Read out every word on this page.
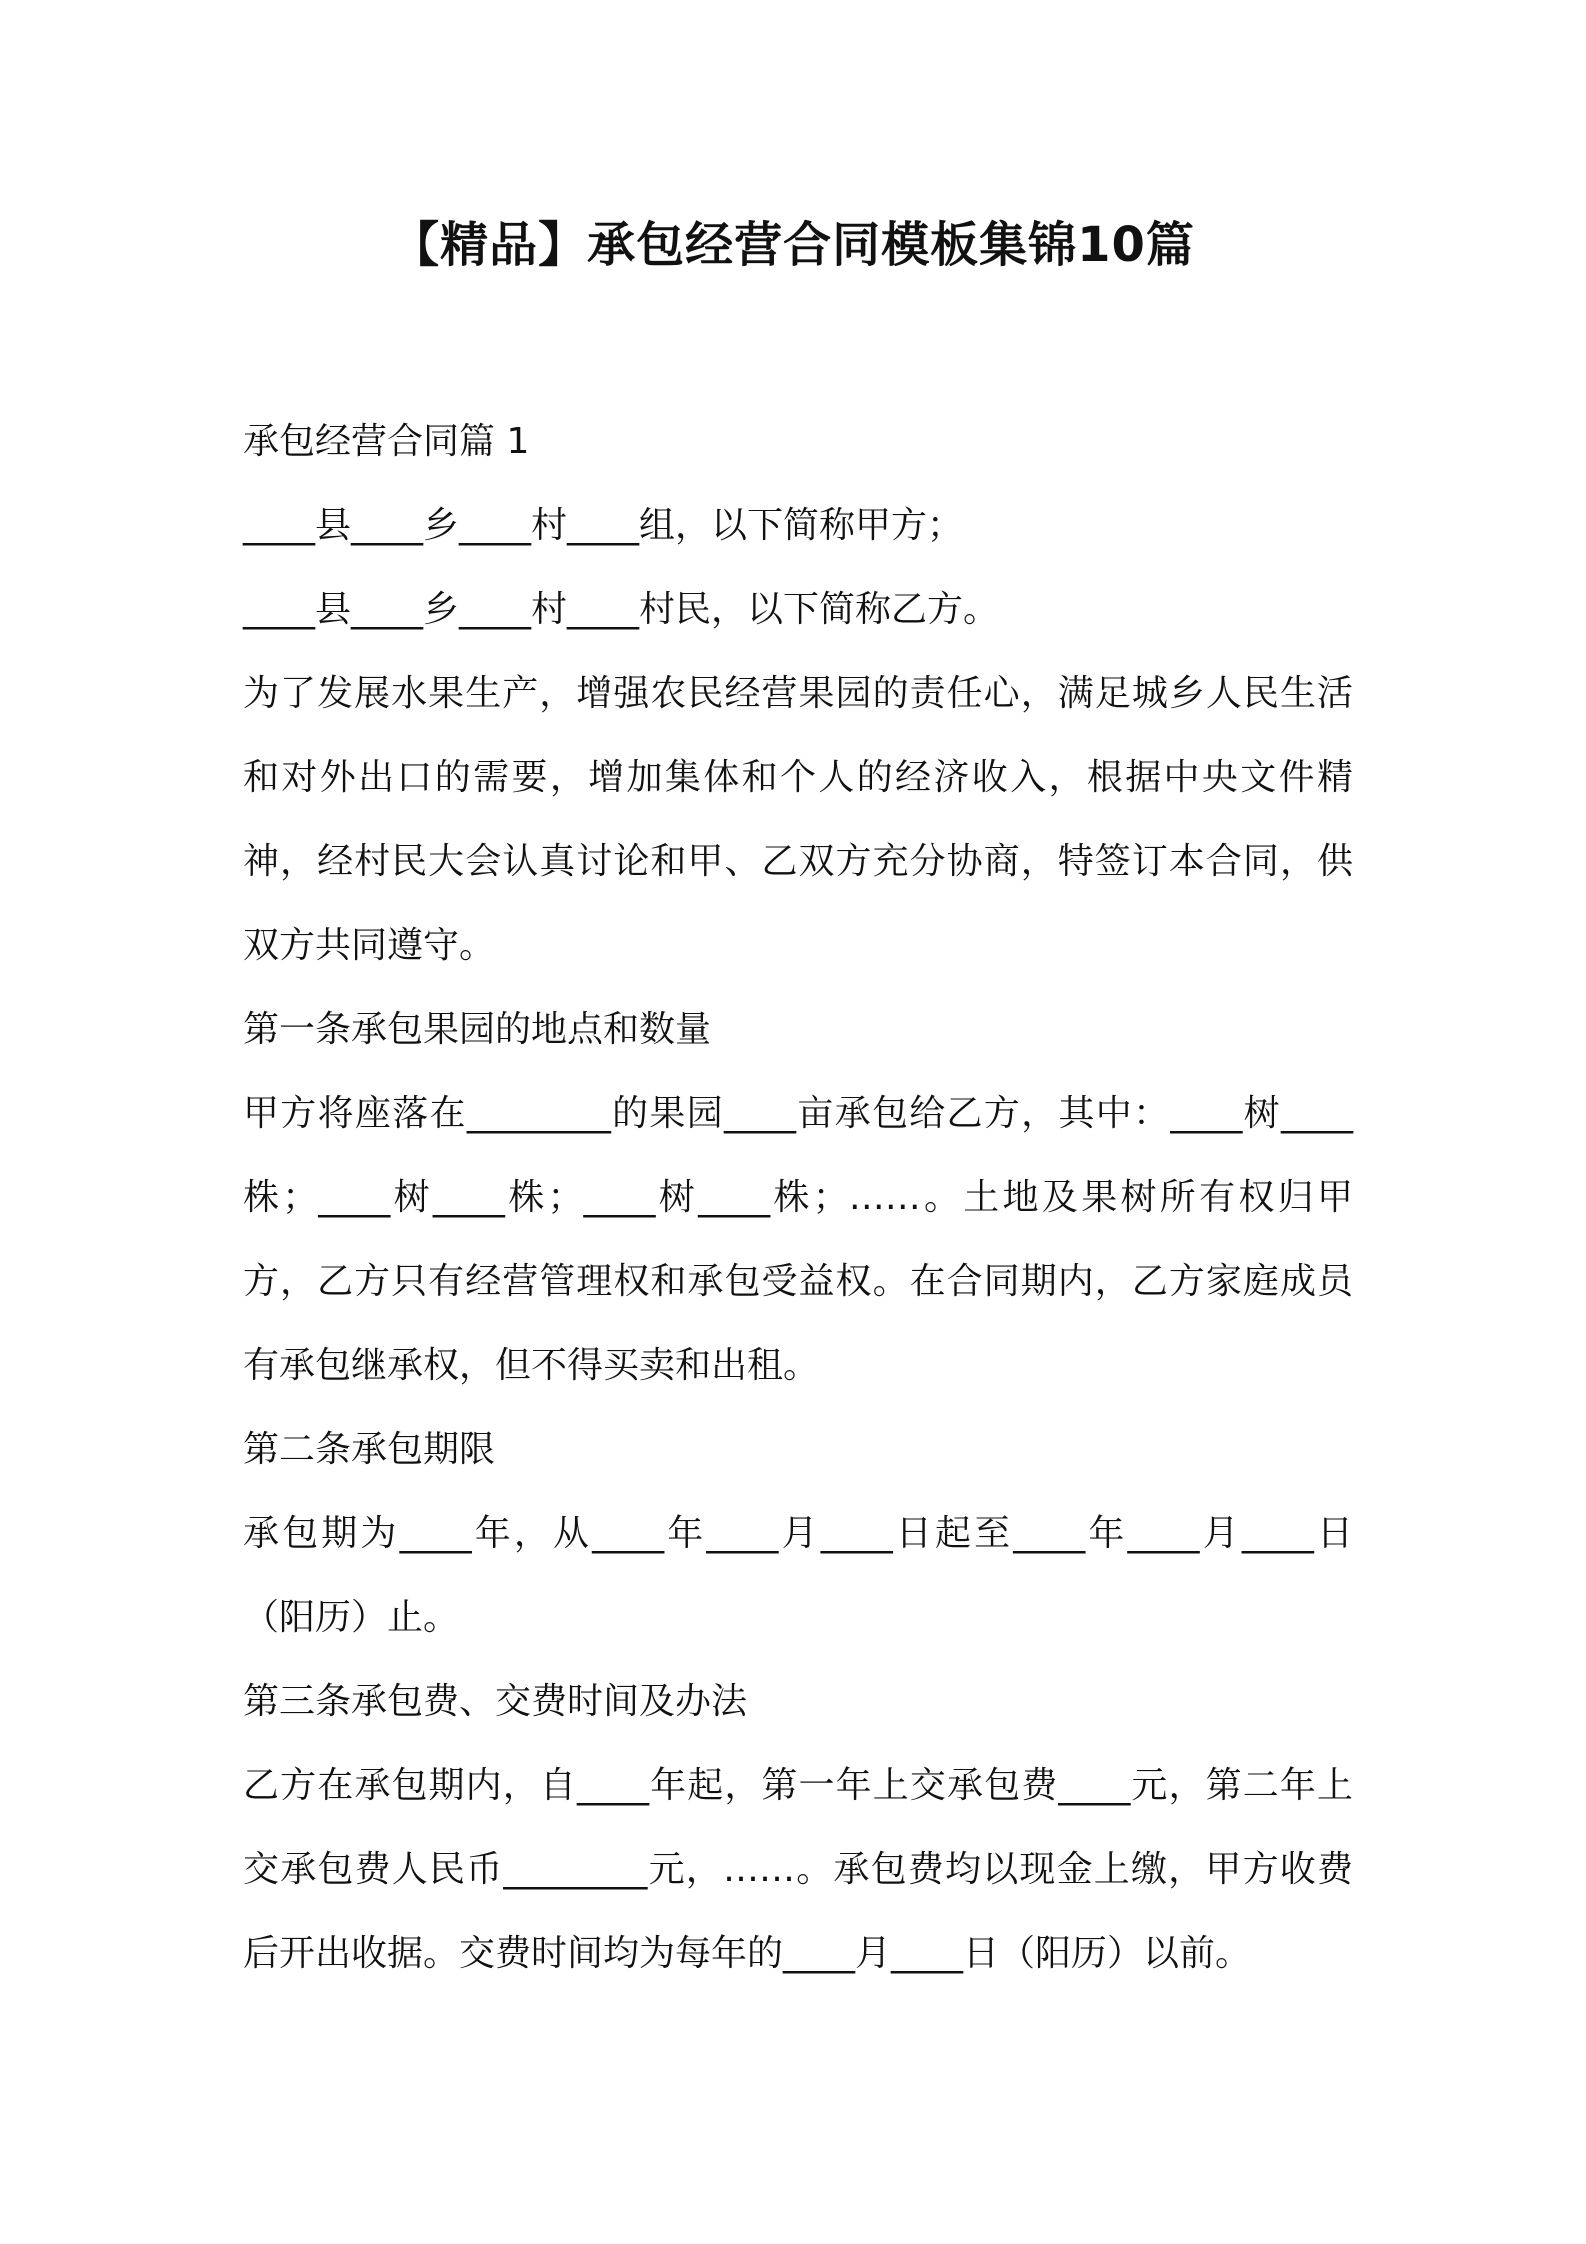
【精品】承包经营合同模板集锦10篇
承包经营合同篇 1
____县____乡____村____组，以下简称甲方；
____县____乡____村____村民，以下简称乙方。
为了发展水果生产，增强农民经营果园的责任心，满足城乡人民生活和对外出口的需要，增加集体和个人的经济收入，根据中央文件精神，经村民大会认真讨论和甲、乙双方充分协商，特签订本合同，供双方共同遵守。
第一条承包果园的地点和数量
甲方将座落在________的果园____亩承包给乙方，其中：____树____株；____树____株；____树____株；……。土地及果树所有权归甲方，乙方只有经营管理权和承包受益权。在合同期内，乙方家庭成员有承包继承权，但不得买卖和出租。
第二条承包期限
承包期为____年，从____年____月____日起至____年____月____日（阳历）止。
第三条承包费、交费时间及办法
乙方在承包期内，自____年起，第一年上交承包费____元，第二年上交承包费人民币________元，……。承包费均以现金上缴，甲方收费后开出收据。交费时间均为每年的____月____日（阳历）以前。
